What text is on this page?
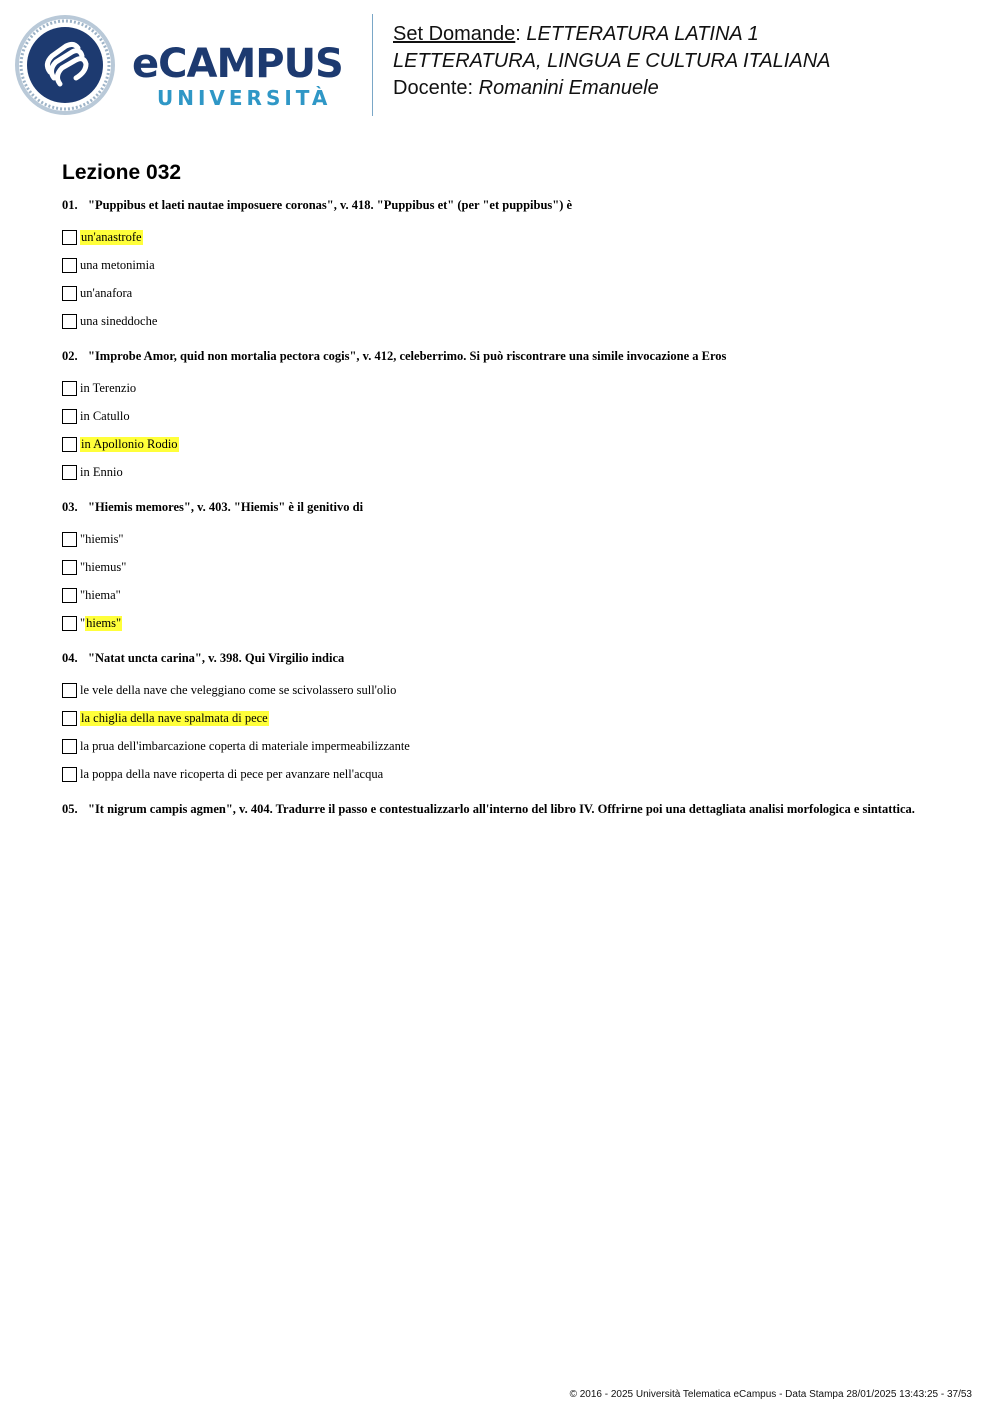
eCAMPUS
UNIVERSITÀ
Set Domande: LETTERATURA LATINA 1
LETTERATURA, LINGUA E CULTURA ITALIANA
Docente: Romanini Emanuele
Lezione 032
01. "Puppibus et laeti nautae imposuere coronas", v. 418. "Puppibus et" (per "et puppibus") è
un'anastrofe
una metonimia
un'anafora
una sineddoche
02. "Improbe Amor, quid non mortalia pectora cogis", v. 412, celeberrimo. Si può riscontrare una simile invocazione a Eros
in Terenzio
in Catullo
in Apollonio Rodio
in Ennio
03. "Hiemis memores", v. 403. "Hiemis" è il genitivo di
"hiemis"
"hiemus"
"hiema"
" hiems"
04. "Natat uncta carina", v. 398. Qui Virgilio indica
le vele della nave che veleggiano come se scivolassero sull'olio
la chiglia della nave spalmata di pece
la prua dell'imbarcazione coperta di materiale impermeabilizzante
la poppa della nave ricoperta di pece per avanzare nell'acqua
05. "It nigrum campis agmen", v. 404. Tradurre il passo e contestualizzarlo all'interno del libro IV. Offrirne poi una dettagliata analisi morfologica e sintattica.
© 2016 - 2025 Università Telematica eCampus - Data Stampa 28/01/2025 13:43:25 - 37/53
